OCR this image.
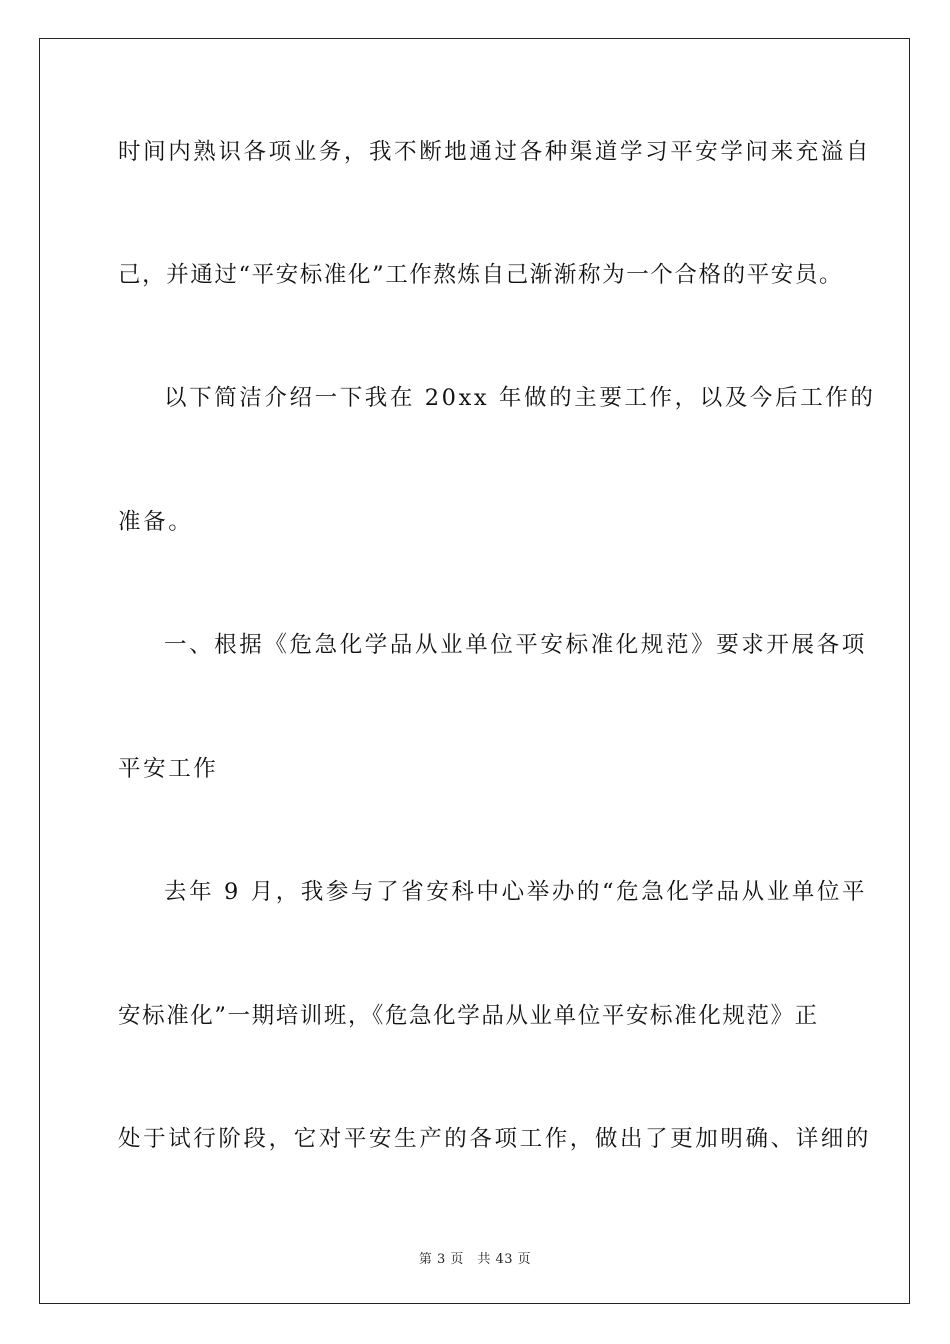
时间内熟识各项业务，我不断地通过各种渠道学习平安学问来充溢自
己，并通过“平安标准化”工作熬炼自己渐渐称为一个合格的平安员。
以下简洁介绍一下我在 20xx 年做的主要工作，以及今后工作的
准备。
一、根据《危急化学品从业单位平安标准化规范》要求开展各项
平安工作
去年 9 月，我参与了省安科中心举办的“危急化学品从业单位平
安标准化”一期培训班，《危急化学品从业单位平安标准化规范》正
处于试行阶段，它对平安生产的各项工作，做出了更加明确、详细的
第 3 页　共 43 页
